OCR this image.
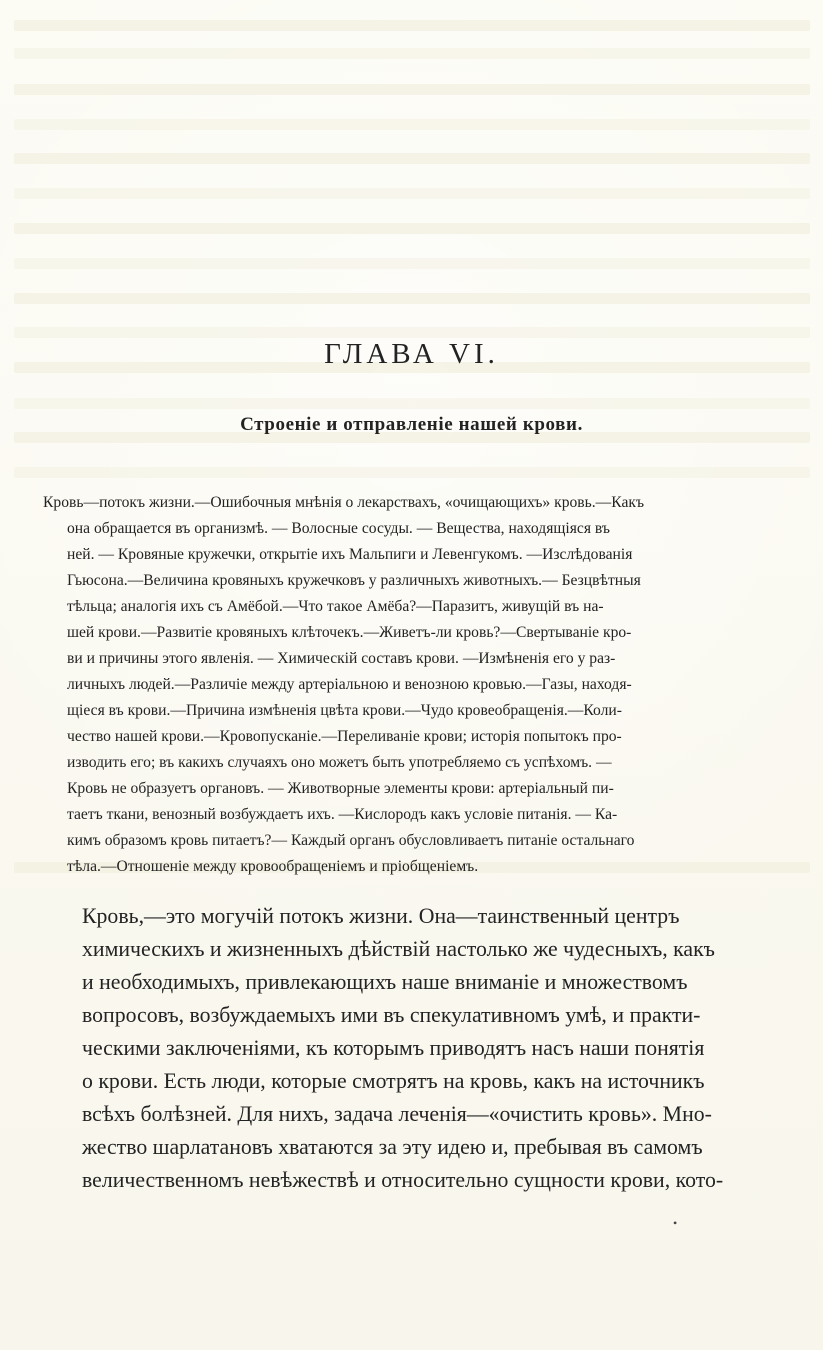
ГЛАВА VI.
Строеніе и отправленіе нашей крови.
Кровь—потокъ жизни.—Ошибочныя мнѣнія о лекарствахъ, «очищающихъ» кровь.—Какъ
она обращается въ организмѣ. — Волосные сосуды. — Вещества, находящіяся въ
ней. — Кровяные кружечки, открытіе ихъ Мальпиги и Левенгукомъ. —Изслѣдованія
Гьюсона.—Величина кровяныхъ кружечковъ у различныхъ животныхъ.— Безцвѣтныя
тѣльца; аналогія ихъ съ Амёбой.—Что такое Амёба?—Паразитъ, живущій въ на-
шей крови.—Развитіе кровяныхъ клѣточекъ.—Живетъ-ли кровь?—Свертываніе кро-
ви и причины этого явленія. — Химическій составъ крови. —Измѣненія его у раз-
личныхъ людей.—Различіе между артеріальною и венозною кровью.—Газы, находя-
щіеся въ крови.—Причина измѣненія цвѣта крови.—Чудо кровеобращенія.—Коли-
чество нашей крови.—Кровопусканіе.—Переливаніе крови; исторія попытокъ про-
изводить его; въ какихъ случаяхъ оно можетъ быть употребляемо съ успѣхомъ. —
Кровь не образуетъ органовъ. — Животворные элементы крови: артеріальный пи-
таетъ ткани, венозный возбуждаетъ ихъ. —Кислородъ какъ условіе питанія. — Ка-
кимъ образомъ кровь питаетъ?— Каждый органъ обусловливаетъ питаніе остальнаго
тѣла.—Отношеніе между кровообращеніемъ и пріобщеніемъ.
Кровь,—это могучій потокъ жизни. Она—таинственный центръ
химическихъ и жизненныхъ дѣйствій настолько же чудесныхъ, какъ
и необходимыхъ, привлекающихъ наше вниманіе и множествомъ
вопросовъ, возбуждаемыхъ ими въ спекулативномъ умѣ, и практи-
ческими заключеніями, къ которымъ приводятъ насъ наши понятія
о крови. Есть люди, которые смотрятъ на кровь, какъ на источникъ
всѣхъ болѣзней. Для нихъ, задача леченія—«очистить кровь». Мно-
жество шарлатановъ хватаются за эту идею и, пребывая въ самомъ
величественномъ невѣжествѣ и относительно сущности крови, кото-
•
